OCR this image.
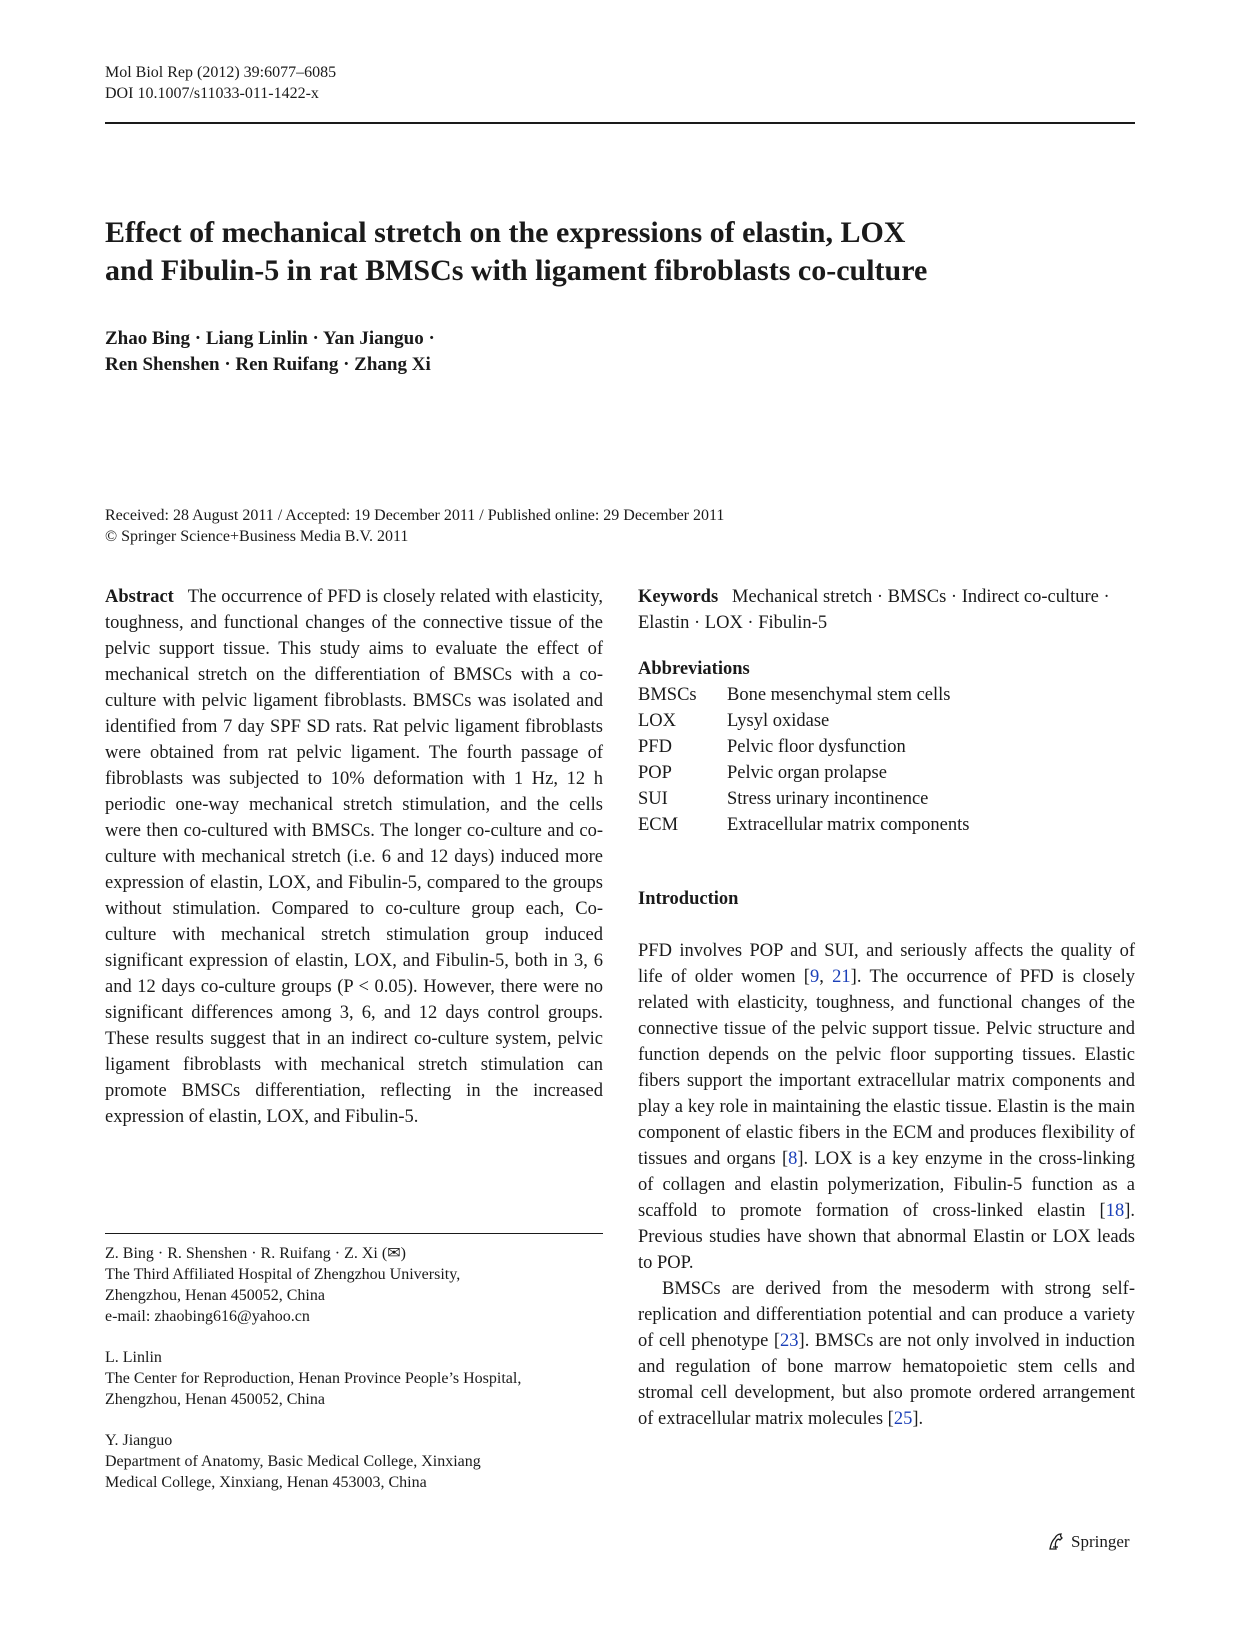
Mol Biol Rep (2012) 39:6077–6085
DOI 10.1007/s11033-011-1422-x
Effect of mechanical stretch on the expressions of elastin, LOX
and Fibulin-5 in rat BMSCs with ligament fibroblasts co-culture
Zhao Bing · Liang Linlin · Yan Jianguo ·
Ren Shenshen · Ren Ruifang · Zhang Xi
Received: 28 August 2011 / Accepted: 19 December 2011 / Published online: 29 December 2011
© Springer Science+Business Media B.V. 2011
Abstract The occurrence of PFD is closely related with elasticity, toughness, and functional changes of the connective tissue of the pelvic support tissue. This study aims to evaluate the effect of mechanical stretch on the differentiation of BMSCs with a co-culture with pelvic ligament fibroblasts. BMSCs was isolated and identified from 7 day SPF SD rats. Rat pelvic ligament fibroblasts were obtained from rat pelvic ligament. The fourth passage of fibroblasts was subjected to 10% deformation with 1 Hz, 12 h periodic one-way mechanical stretch stimulation, and the cells were then co-cultured with BMSCs. The longer co-culture and co-culture with mechanical stretch (i.e. 6 and 12 days) induced more expression of elastin, LOX, and Fibulin-5, compared to the groups without stimulation. Compared to co-culture group each, Co-culture with mechanical stretch stimulation group induced significant expression of elastin, LOX, and Fibulin-5, both in 3, 6 and 12 days co-culture groups (P < 0.05). However, there were no significant differences among 3, 6, and 12 days control groups. These results suggest that in an indirect co-culture system, pelvic ligament fibroblasts with mechanical stretch stimulation can promote BMSCs differentiation, reflecting in the increased expression of elastin, LOX, and Fibulin-5.
Keywords Mechanical stretch · BMSCs · Indirect co-culture · Elastin · LOX · Fibulin-5
Abbreviations
BMSCs	Bone mesenchymal stem cells
LOX	Lysyl oxidase
PFD	Pelvic floor dysfunction
POP	Pelvic organ prolapse
SUI	Stress urinary incontinence
ECM	Extracellular matrix components
Introduction

PFD involves POP and SUI, and seriously affects the quality of life of older women [9, 21]. The occurrence of PFD is closely related with elasticity, toughness, and functional changes of the connective tissue of the pelvic support tissue. Pelvic structure and function depends on the pelvic floor supporting tissues. Elastic fibers support the important extracellular matrix components and play a key role in maintaining the elastic tissue. Elastin is the main component of elastic fibers in the ECM and produces flexibility of tissues and organs [8]. LOX is a key enzyme in the cross-linking of collagen and elastin polymerization, Fibulin-5 function as a scaffold to promote formation of cross-linked elastin [18]. Previous studies have shown that abnormal Elastin or LOX leads to POP.

BMSCs are derived from the mesoderm with strong self-replication and differentiation potential and can produce a variety of cell phenotype [23]. BMSCs are not only involved in induction and regulation of bone marrow hematopoietic stem cells and stromal cell development, but also promote ordered arrangement of extracellular matrix molecules [25].

Z. Bing · R. Shenshen · R. Ruifang · Z. Xi (✉)
The Third Affiliated Hospital of Zhengzhou University,
Zhengzhou, Henan 450052, China
e-mail: zhaobing616@yahoo.cn
L. Linlin
The Center for Reproduction, Henan Province People’s Hospital,
Zhengzhou, Henan 450052, China
Y. Jianguo
Department of Anatomy, Basic Medical College, Xinxiang
Medical College, Xinxiang, Henan 453003, China
Springer
